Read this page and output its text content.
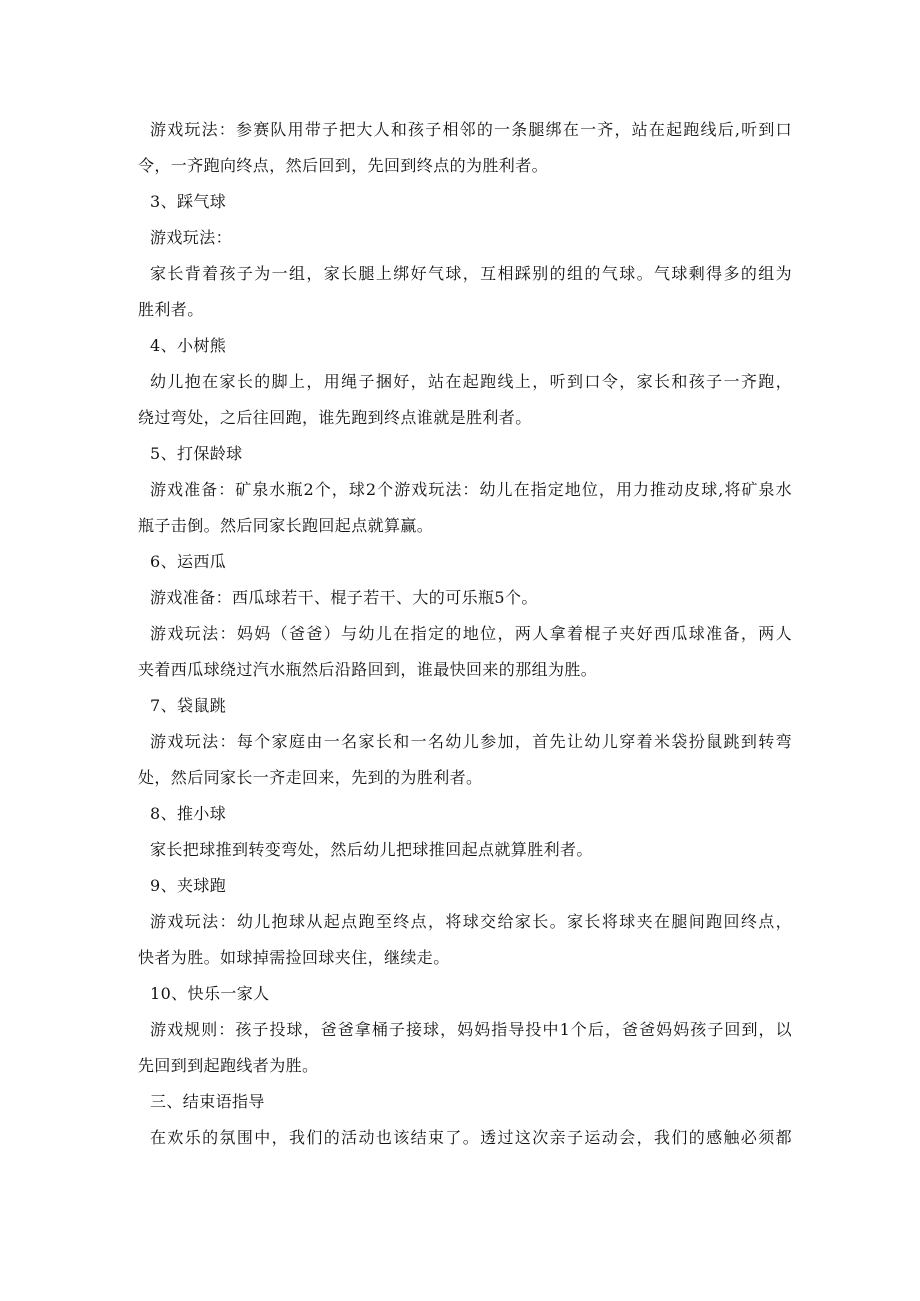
游戏玩法：参赛队用带子把大人和孩子相邻的一条腿绑在一齐，站在起跑线后,听到口
令，一齐跑向终点，然后回到，先回到终点的为胜利者。
3、踩气球
游戏玩法：
家长背着孩子为一组，家长腿上绑好气球，互相踩别的组的气球。气球剩得多的组为
胜利者。
4、小树熊
幼儿抱在家长的脚上，用绳子捆好，站在起跑线上，听到口令，家长和孩子一齐跑，
绕过弯处，之后往回跑，谁先跑到终点谁就是胜利者。
5、打保龄球
游戏准备：矿泉水瓶2个，球2个游戏玩法：幼儿在指定地位，用力推动皮球,将矿泉水
瓶子击倒。然后同家长跑回起点就算赢。
6、运西瓜
游戏准备：西瓜球若干、棍子若干、大的可乐瓶5个。
游戏玩法：妈妈（爸爸）与幼儿在指定的地位，两人拿着棍子夹好西瓜球准备，两人
夹着西瓜球绕过汽水瓶然后沿路回到，谁最快回来的那组为胜。
7、袋鼠跳
游戏玩法：每个家庭由一名家长和一名幼儿参加，首先让幼儿穿着米袋扮鼠跳到转弯
处，然后同家长一齐走回来，先到的为胜利者。
8、推小球
家长把球推到转变弯处，然后幼儿把球推回起点就算胜利者。
9、夹球跑
游戏玩法：幼儿抱球从起点跑至终点，将球交给家长。家长将球夹在腿间跑回终点，
快者为胜。如球掉需捡回球夹住，继续走。
10、快乐一家人
游戏规则：孩子投球，爸爸拿桶子接球，妈妈指导投中1个后，爸爸妈妈孩子回到，以
先回到到起跑线者为胜。
三、结束语指导
在欢乐的氛围中，我们的活动也该结束了。透过这次亲子运动会，我们的感触必须都
